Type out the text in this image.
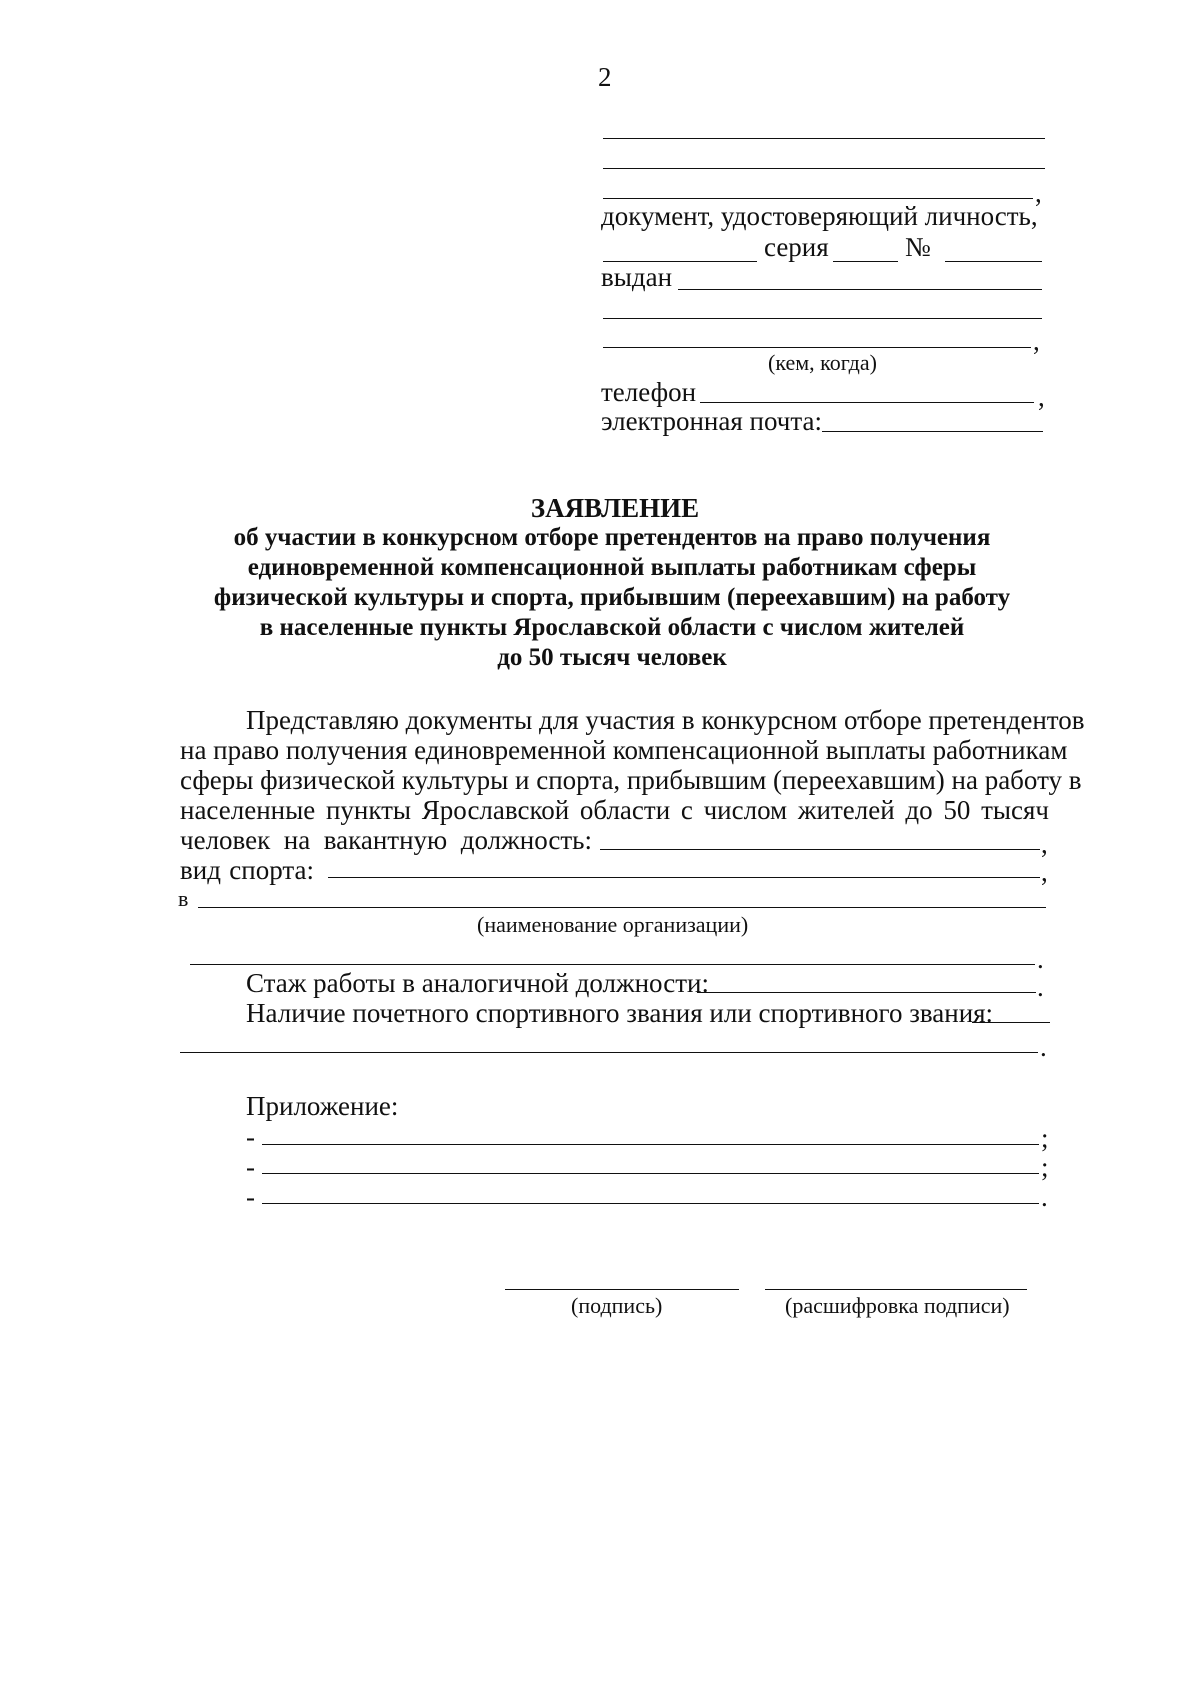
2
,
документ, удостоверяющий личность,
серия	№
выдан
,
(кем, когда)
телефон	,
электронная почта:
ЗАЯВЛЕНИЕ
об участии в конкурсном отборе претендентов на право получения
единовременной компенсационной выплаты работникам сферы
физической культуры и спорта, прибывшим (переехавшим) на работу
в населенные пункты Ярославской области с числом жителей
до 50 тысяч человек
Представляю документы для участия в конкурсном отборе претендентов
на право получения единовременной компенсационной выплаты работникам
сферы физической культуры и спорта, прибывшим (переехавшим) на работу в
населенные пункты Ярославской области с числом жителей до 50 тысяч
человек на вакантную должность:	,
вид спорта:	,
в
(наименование организации)
.
Стаж работы в аналогичной должности:	.
Наличие почетного спортивного звания или спортивного звания:
.
Приложение:
-	;
-	;
-	.
(подпись)	(расшифровка подписи)
